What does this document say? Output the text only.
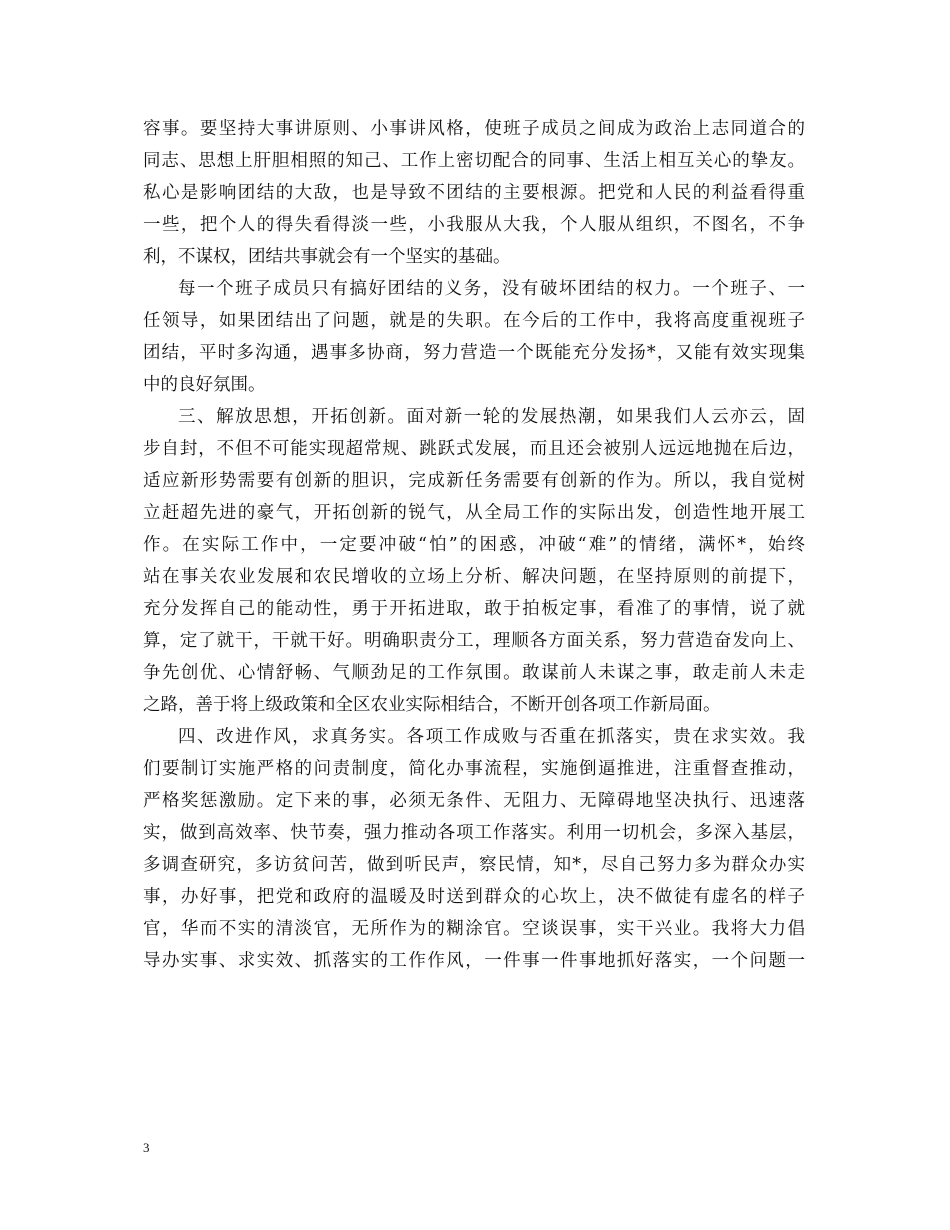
容事。要坚持大事讲原则、小事讲风格，使班子成员之间成为政治上志同道合的
同志、思想上肝胆相照的知己、工作上密切配合的同事、生活上相互关心的挚友。
私心是影响团结的大敌，也是导致不团结的主要根源。把党和人民的利益看得重
一些，把个人的得失看得淡一些，小我服从大我，个人服从组织，不图名，不争
利，不谋权，团结共事就会有一个坚实的基础。
每一个班子成员只有搞好团结的义务，没有破坏团结的权力。一个班子、一
任领导，如果团结出了问题，就是的失职。在今后的工作中，我将高度重视班子
团结，平时多沟通，遇事多协商，努力营造一个既能充分发扬*，又能有效实现集
中的良好氛围。
三、解放思想，开拓创新。面对新一轮的发展热潮，如果我们人云亦云，固
步自封，不但不可能实现超常规、跳跃式发展，而且还会被别人远远地抛在后边，
适应新形势需要有创新的胆识，完成新任务需要有创新的作为。所以，我自觉树
立赶超先进的豪气，开拓创新的锐气，从全局工作的实际出发，创造性地开展工
作。在实际工作中，一定要冲破“怕”的困惑，冲破“难”的情绪，满怀*，始终
站在事关农业发展和农民增收的立场上分析、解决问题，在坚持原则的前提下，
充分发挥自己的能动性，勇于开拓进取，敢于拍板定事，看准了的事情，说了就
算，定了就干，干就干好。明确职责分工，理顺各方面关系，努力营造奋发向上、
争先创优、心情舒畅、气顺劲足的工作氛围。敢谋前人未谋之事，敢走前人未走
之路，善于将上级政策和全区农业实际相结合，不断开创各项工作新局面。
四、改进作风，求真务实。各项工作成败与否重在抓落实，贵在求实效。我
们要制订实施严格的问责制度，简化办事流程，实施倒逼推进，注重督查推动，
严格奖惩激励。定下来的事，必须无条件、无阻力、无障碍地坚决执行、迅速落
实，做到高效率、快节奏，强力推动各项工作落实。利用一切机会，多深入基层，
多调查研究，多访贫问苦，做到听民声，察民情，知*，尽自己努力多为群众办实
事，办好事，把党和政府的温暖及时送到群众的心坎上，决不做徒有虚名的样子
官，华而不实的清淡官，无所作为的糊涂官。空谈误事，实干兴业。我将大力倡
导办实事、求实效、抓落实的工作作风，一件事一件事地抓好落实，一个问题一
3
